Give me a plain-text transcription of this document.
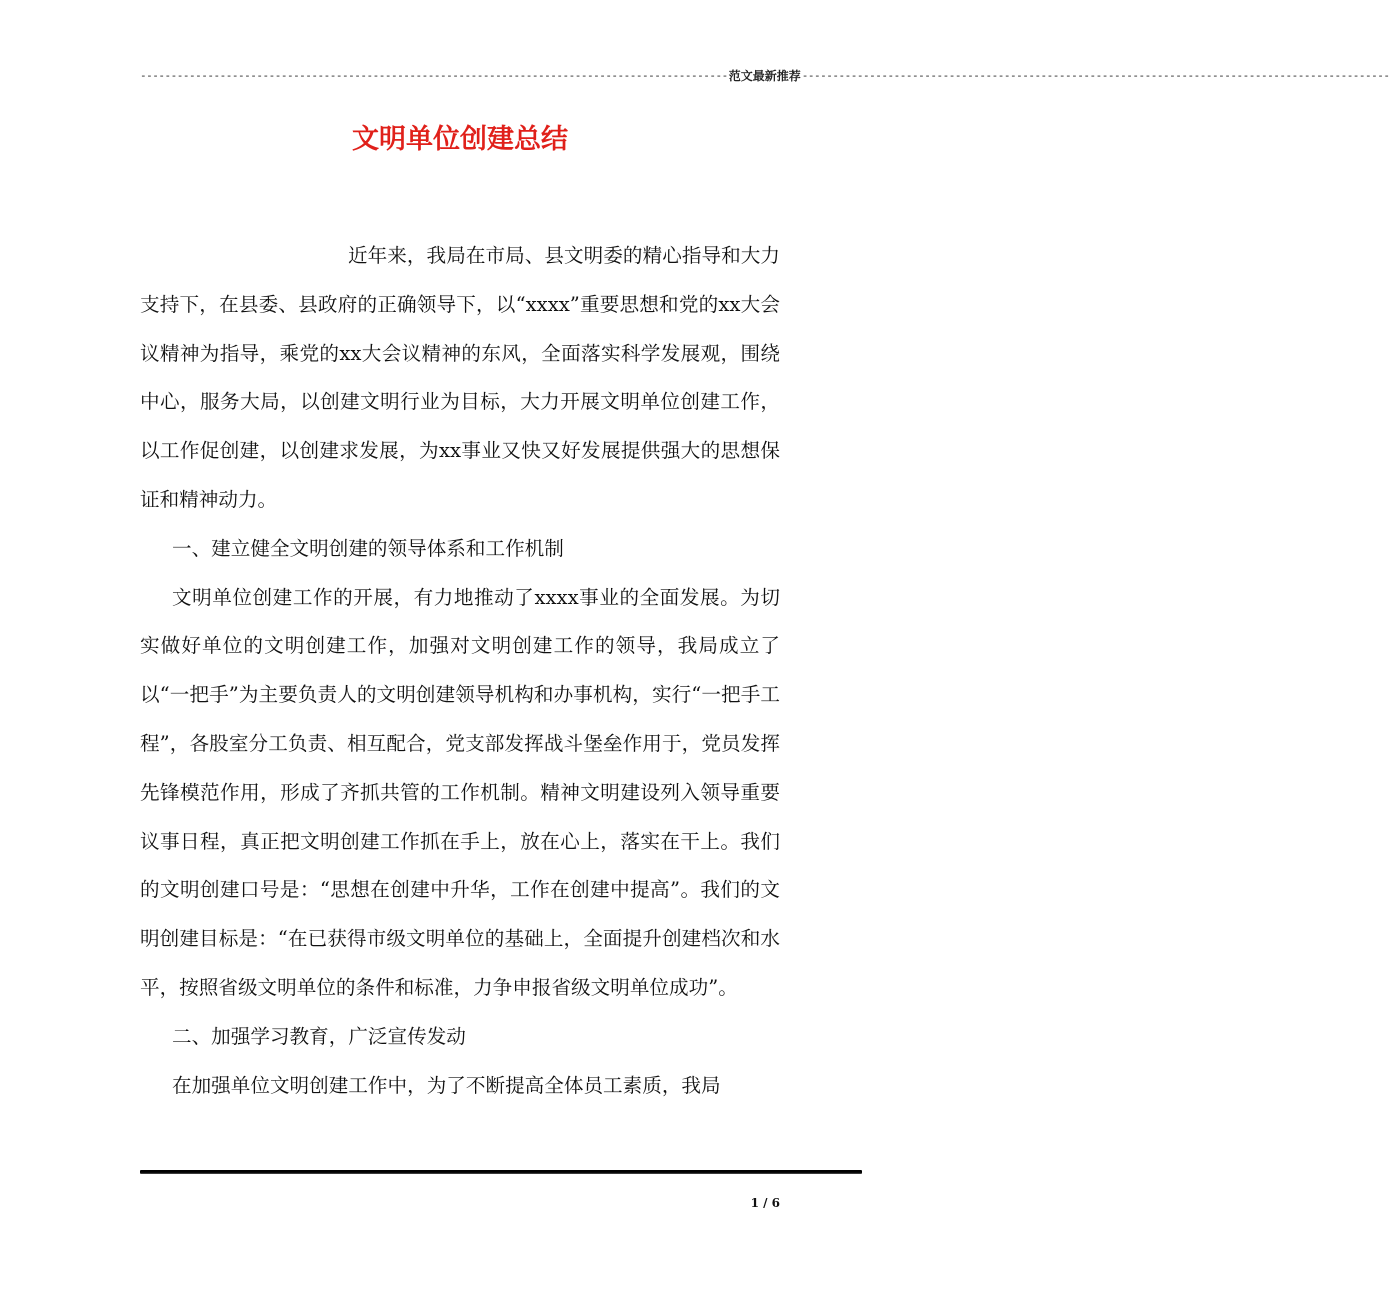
------------------------------------------------------------------------------------------------ 范文最新推荐 ------------------------------------------------------------------------------------------------
文明单位创建总结

近年来，我局在市局、县文明委的精心指导和大力支持下，在县委、县政府的正确领导下，以“xxxx”重要思想和党的xx大会议精神为指导，乘党的xx大会议精神的东风，全面落实科学发展观，围绕中心，服务大局，以创建文明行业为目标，大力开展文明单位创建工作，以工作促创建，以创建求发展，为xx事业又快又好发展提供强大的思想保证和精神动力。

一、建立健全文明创建的领导体系和工作机制

文明单位创建工作的开展，有力地推动了xxxx事业的全面发展。为切实做好单位的文明创建工作，加强对文明创建工作的领导，我局成立了以“一把手”为主要负责人的文明创建领导机构和办事机构，实行“一把手工程”，各股室分工负责、相互配合，党支部发挥战斗堡垒作用于，党员发挥先锋模范作用，形成了齐抓共管的工作机制。精神文明建设列入领导重要议事日程，真正把文明创建工作抓在手上，放在心上，落实在干上。我们的文明创建口号是：“思想在创建中升华，工作在创建中提高”。我们的文明创建目标是：“在已获得市级文明单位的基础上，全面提升创建档次和水平，按照省级文明单位的条件和标准，力争申报省级文明单位成功”。

二、加强学习教育，广泛宣传发动

在加强单位文明创建工作中，为了不断提高全体员工素质，我局

1 / 6
